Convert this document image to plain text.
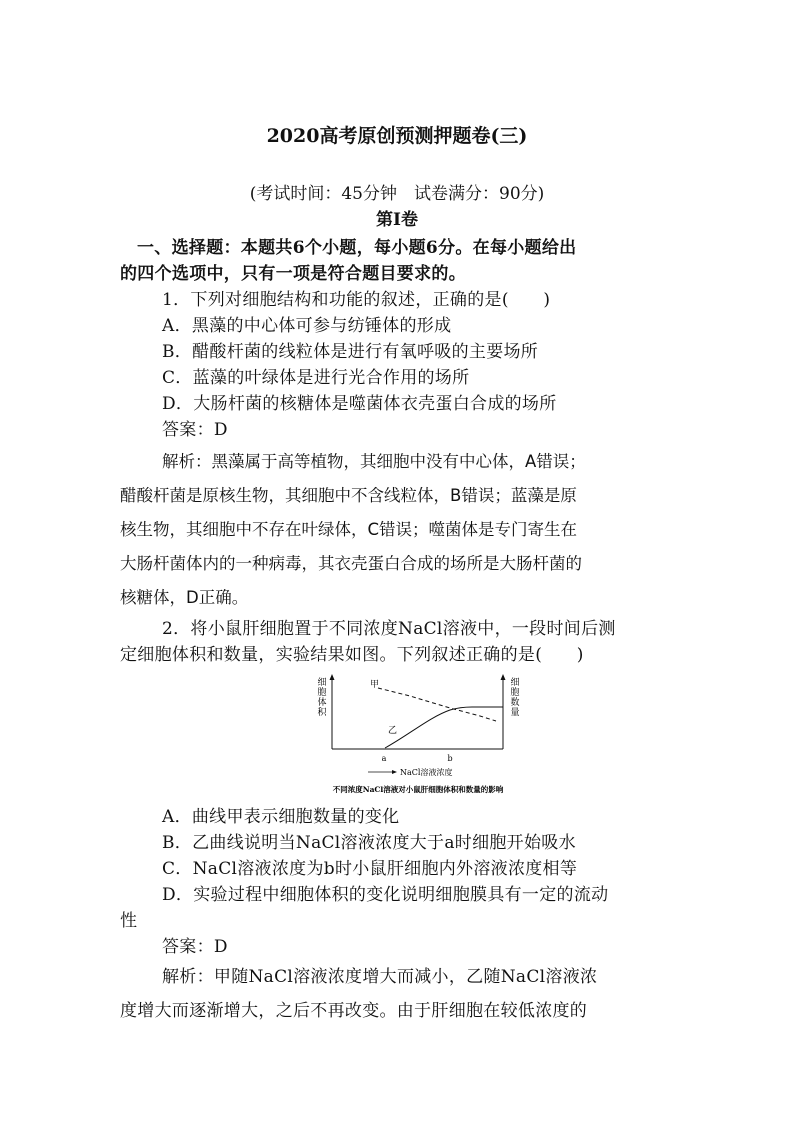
2020高考原创预测押题卷(三)
(考试时间：45分钟　试卷满分：90分)
第Ⅰ卷
一、选择题：本题共6个小题，每小题6分。在每小题给出
的四个选项中，只有一项是符合题目要求的。
1．下列对细胞结构和功能的叙述，正确的是(　　)
A．黑藻的中心体可参与纺锤体的形成
B．醋酸杆菌的线粒体是进行有氧呼吸的主要场所
C．蓝藻的叶绿体是进行光合作用的场所
D．大肠杆菌的核糖体是噬菌体衣壳蛋白合成的场所
答案：D
解析：黑藻属于高等植物，其细胞中没有中心体，A错误；
醋酸杆菌是原核生物，其细胞中不含线粒体，B错误；蓝藻是原
核生物，其细胞中不存在叶绿体，C错误；噬菌体是专门寄生在
大肠杆菌体内的一种病毒，其衣壳蛋白合成的场所是大肠杆菌的
核糖体，D正确。
2．将小鼠肝细胞置于不同浓度NaCl溶液中，一段时间后测
定细胞体积和数量，实验结果如图。下列叙述正确的是(　　)
细
胞
体
积
细
胞
数
量
甲
乙
a	b
NaCl溶液浓度
不同浓度NaCl溶液对小鼠肝细胞体积和数量的影响
A．曲线甲表示细胞数量的变化
B．乙曲线说明当NaCl溶液浓度大于a时细胞开始吸水
C．NaCl溶液浓度为b时小鼠肝细胞内外溶液浓度相等
D．实验过程中细胞体积的变化说明细胞膜具有一定的流动
性
答案：D
解析：甲随NaCl溶液浓度增大而减小，乙随NaCl溶液浓
度增大而逐渐增大，之后不再改变。由于肝细胞在较低浓度的
